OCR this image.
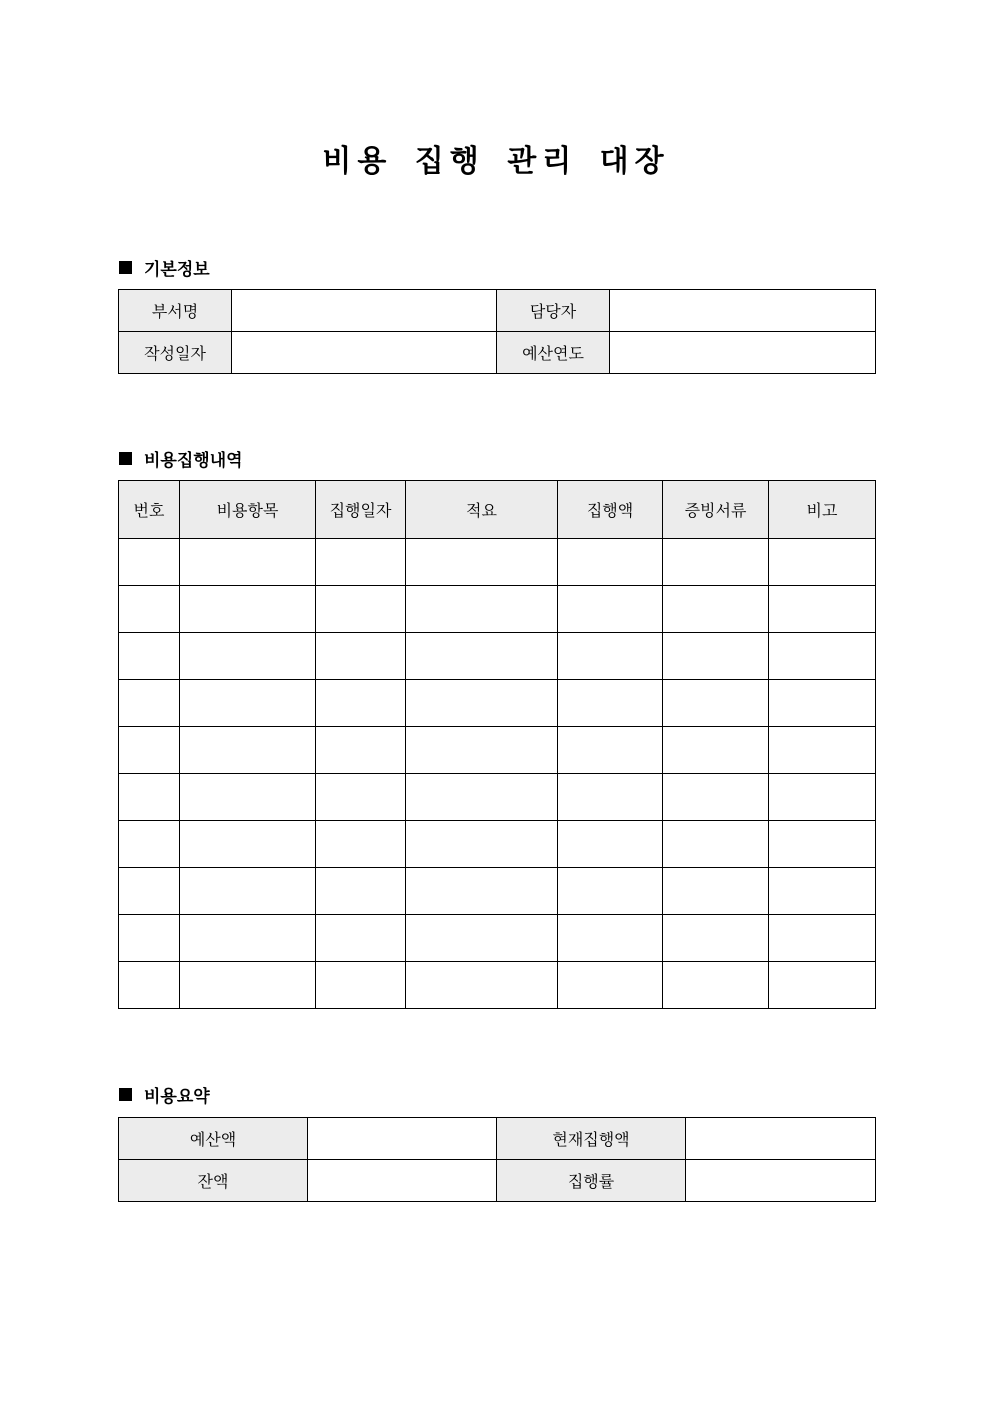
비용 집행 관리 대장
기본정보
부서명		담당자	
작성일자		예산연도	
비용집행내역
번호	비용항목	집행일자	적요	집행액	증빙서류	비고

비용요약
예산액		현재집행액	
잔액		집행률	
